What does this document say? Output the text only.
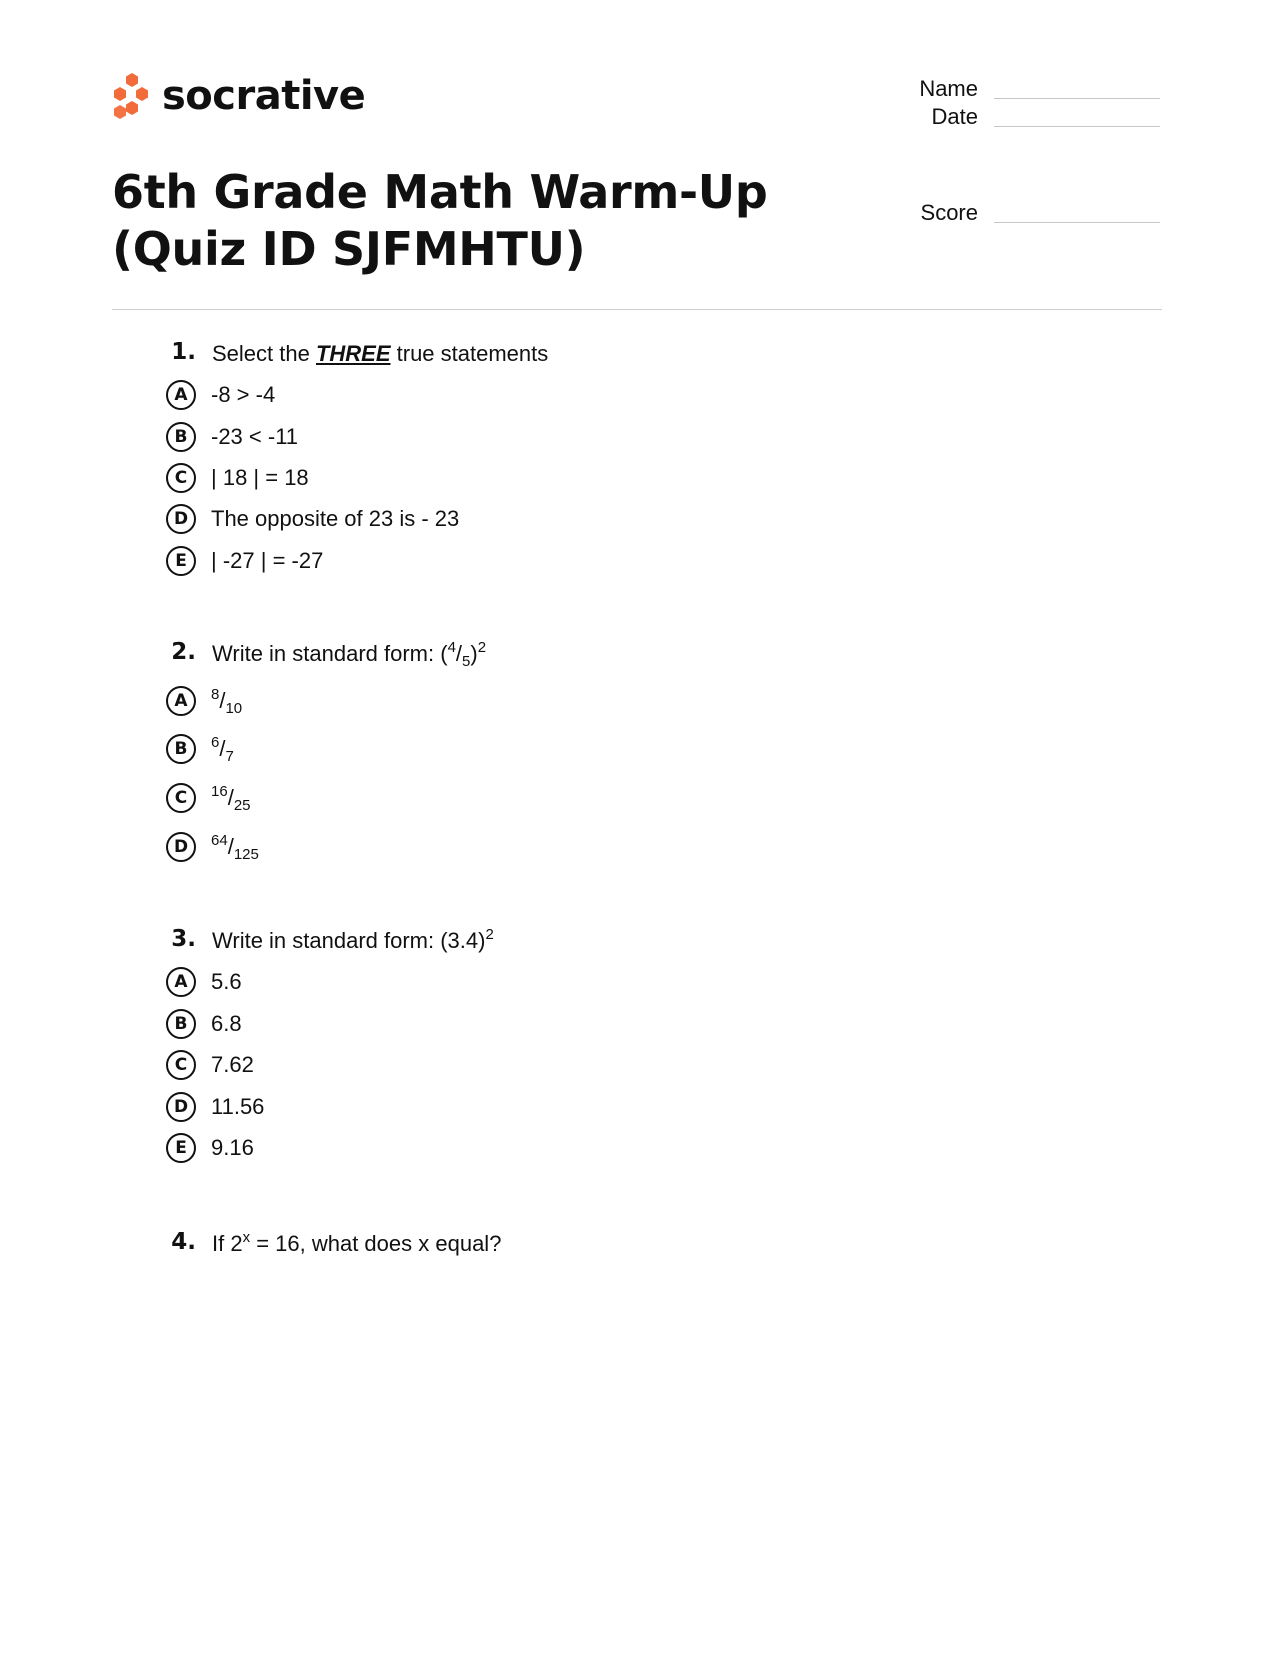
socrative	Name
Date
Score
6th Grade Math Warm-Up (Quiz ID SJFMHTU)
1. Select the THREE true statements
A	-8 > -4
B	-23 < -11
C	| 18 | = 18
D	The opposite of 23 is - 23
E	| -27 | = -27
2. Write in standard form: $(^4/_5)^2$
A	$^8/_{10}$
B	$^6/_7$
C	$^{16}/_{25}$
D	$^{64}/_{125}$
3. Write in standard form: $(3.4)^2$
A	5.6
B	6.8
C	7.62
D	11.56
E	9.16
4. If $2^x = 16$, what does x equal?
